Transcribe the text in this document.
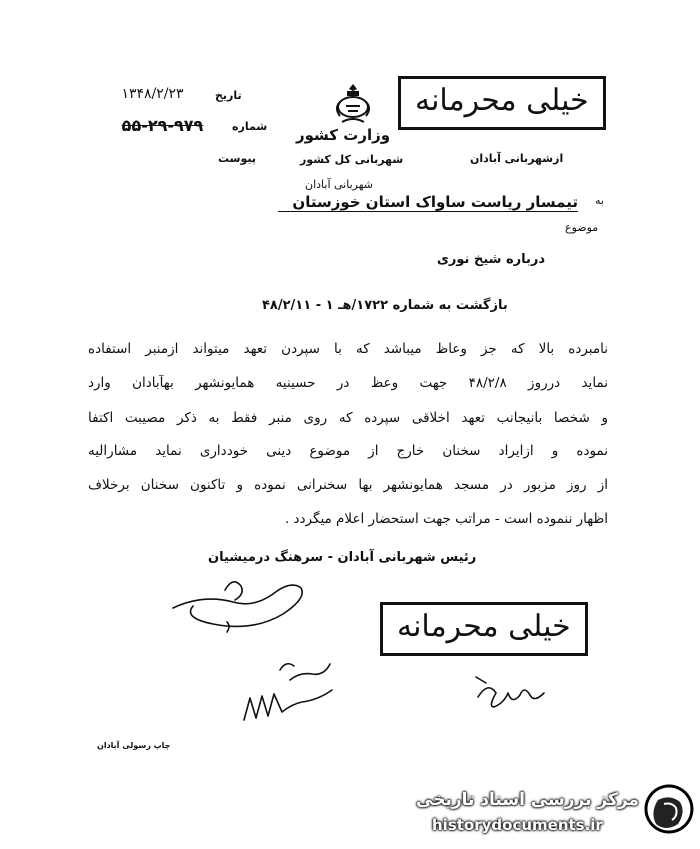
خیلی محرمانه
تاریخ
۱۳۴۸/۲/۲۳
شماره
۵۵-۲۹-۹۷۹
پیوست
وزارت کشور
شهربانی کل کشور
شهربانی آبادان
ازشهربانی آبادان
به
تیمسار ریاست ساواک استان خوزستان
موضوع
درباره شیخ نوری
بازگشت به شماره ۱۷۲۲/هـ ۱ - ۴۸/۲/۱۱
نامبرده بالا که جز وعاظ میباشد که با سپردن تعهد میتواند ازمنبر استفاده
نماید درروز ۴۸/۲/۸ جهت وعظ در حسینیه همایونشهر بهآبادان وارد
و شخصا بانیجانب تعهد اخلاقی سپرده که روی منبر فقط به ذکر مصیبت اکتفا
نموده و ازایراد سخنان خارج از موضوع دینی خودداری نماید مشارالیه
از روز مزبور در مسجد همایونشهر بها سخنرانی نموده و تاکنون سخنان برخلاف
اظهار ننموده است - مراتب جهت استحضار اعلام میگردد .
رئیس شهربانی آبادان - سرهنگ درمیشیان
خیلی محرمانه
چاپ رسولی آبادان
مرکز بررسی اسناد تاریخی
historydocuments.ir
